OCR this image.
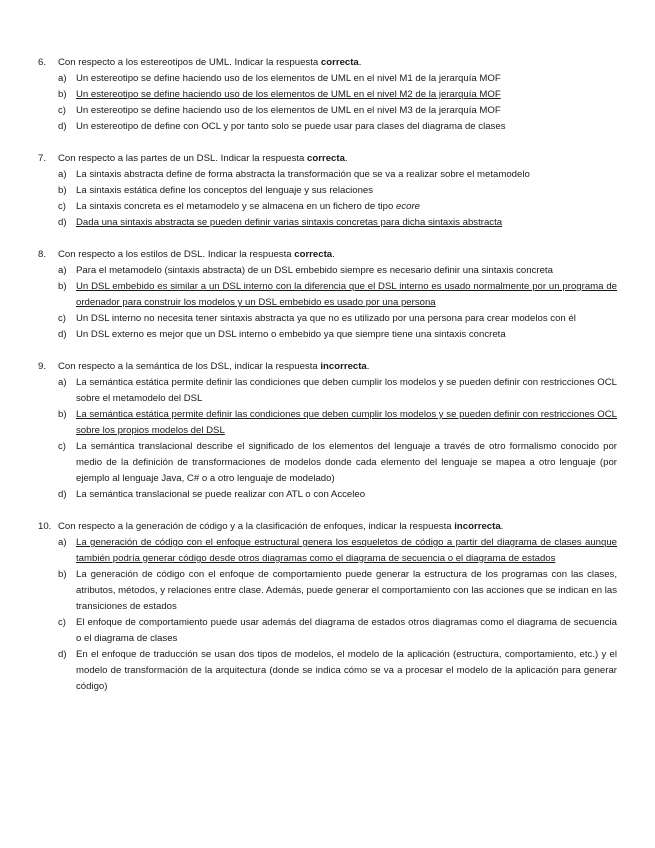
6.	Con respecto a los estereotipos de UML. Indicar la respuesta correcta.
a) Un estereotipo se define haciendo uso de los elementos de UML en el nivel M1 de la jerarquía MOF
b) Un estereotipo se define haciendo uso de los elementos de UML en el nivel M2 de la jerarquía MOF
c)	Un estereotipo se define haciendo uso de los elementos de UML en el nivel M3 de la jerarquía MOF
d) Un estereotipo de define con OCL y por tanto solo se puede usar para clases del diagrama de clases
7.	Con respecto a las partes de un DSL. Indicar la respuesta correcta.
a) La sintaxis abstracta define de forma abstracta la transformación que se va a realizar sobre el metamodelo
b) La sintaxis estática define los conceptos del lenguaje y sus relaciones
c)	La sintaxis concreta es el metamodelo y se almacena en un fichero de tipo ecore
d) Dada una sintaxis abstracta se pueden definir varias sintaxis concretas para dicha sintaxis abstracta
8.	Con respecto a los estilos de DSL. Indicar la respuesta correcta.
a) Para el metamodelo (sintaxis abstracta) de un DSL embebido siempre es necesario definir una sintaxis concreta
b) Un DSL embebido es similar a un DSL interno con la diferencia que el DSL interno es usado normalmente por un programa de ordenador para construir los modelos y un DSL embebido es usado por una persona
c)	Un DSL interno no necesita tener sintaxis abstracta ya que no es utilizado por una persona para crear modelos con él
d) Un DSL externo es mejor que un DSL interno o embebido ya que siempre tiene una sintaxis concreta
9.	Con respecto a la semántica de los DSL, indicar la respuesta incorrecta.
a) La semántica estática permite definir las condiciones que deben cumplir los modelos y se pueden definir con restricciones OCL sobre el metamodelo del DSL
b) La semántica estática permite definir las condiciones que deben cumplir los modelos y se pueden definir con restricciones OCL sobre los propios modelos del DSL
c)	La semántica translacional describe el significado de los elementos del lenguaje a través de otro formalismo conocido por medio de la definición de transformaciones de modelos donde cada elemento del lenguaje se mapea a otro lenguaje (por ejemplo al lenguaje Java, C# o a otro lenguaje de modelado)
d) La semántica translacional se puede realizar con ATL o con Acceleo
10. Con respecto a la generación de código y a la clasificación de enfoques, indicar la respuesta incorrecta.
a) La generación de código con el enfoque estructural genera los esqueletos de código a partir del diagrama de clases aunque también podría generar código desde otros diagramas como el diagrama de secuencia o el diagrama de estados
b) La generación de código con el enfoque de comportamiento puede generar la estructura de los programas con las clases, atributos, métodos, y relaciones entre clase. Además, puede generar el comportamiento con las acciones que se indican en las transiciones de estados
c)	El enfoque de comportamiento puede usar además del diagrama de estados otros diagramas como el diagrama de secuencia o el diagrama de clases
d) En el enfoque de traducción se usan dos tipos de modelos, el modelo de la aplicación (estructura, comportamiento, etc.) y el modelo de transformación de la arquitectura (donde se indica cómo se va a procesar el modelo de la aplicación para generar código)
